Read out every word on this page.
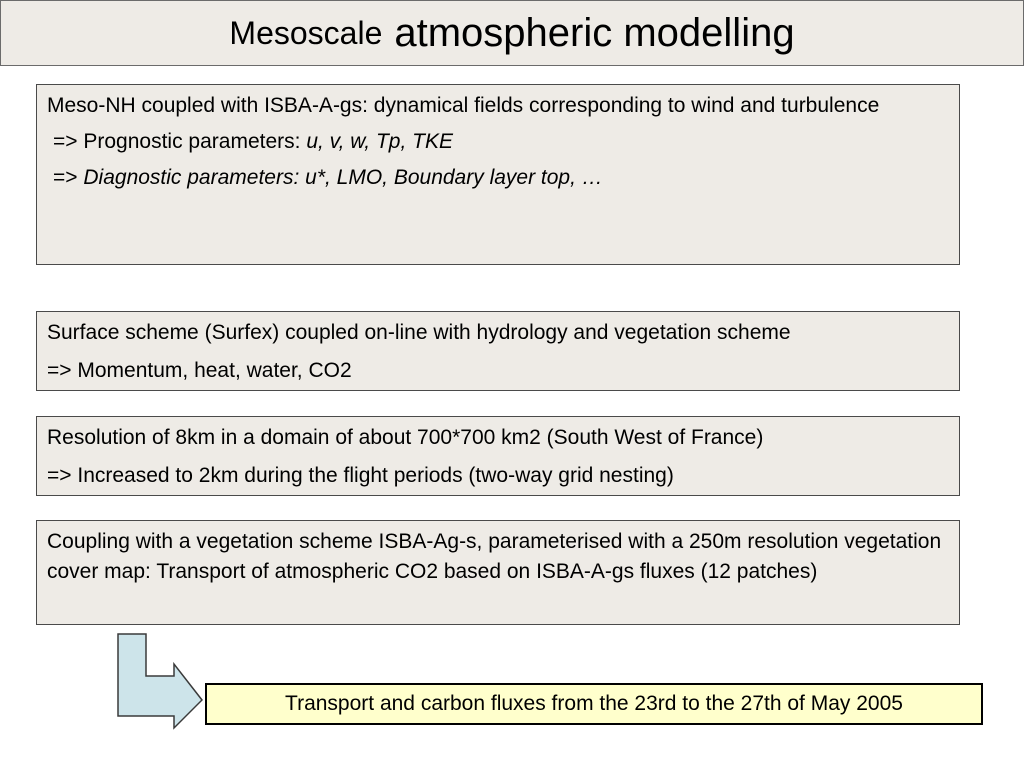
Mesoscale atmospheric modelling
Meso-NH coupled with ISBA-A-gs: dynamical fields corresponding to wind and turbulence
=> Prognostic parameters: u, v, w, Tp, TKE
=> Diagnostic parameters: u*, LMO, Boundary layer top, …
Surface scheme (Surfex) coupled on-line with hydrology and vegetation scheme
=> Momentum, heat, water, CO2
Resolution of 8km in a domain of about 700*700 km2 (South West of France)
=> Increased to 2km during the flight periods (two-way grid nesting)
Coupling with a vegetation scheme ISBA-Ag-s, parameterised with a 250m resolution vegetation cover map: Transport of atmospheric CO2 based on ISBA-A-gs fluxes (12 patches)
Transport and carbon fluxes from the 23rd to the 27th of May 2005
